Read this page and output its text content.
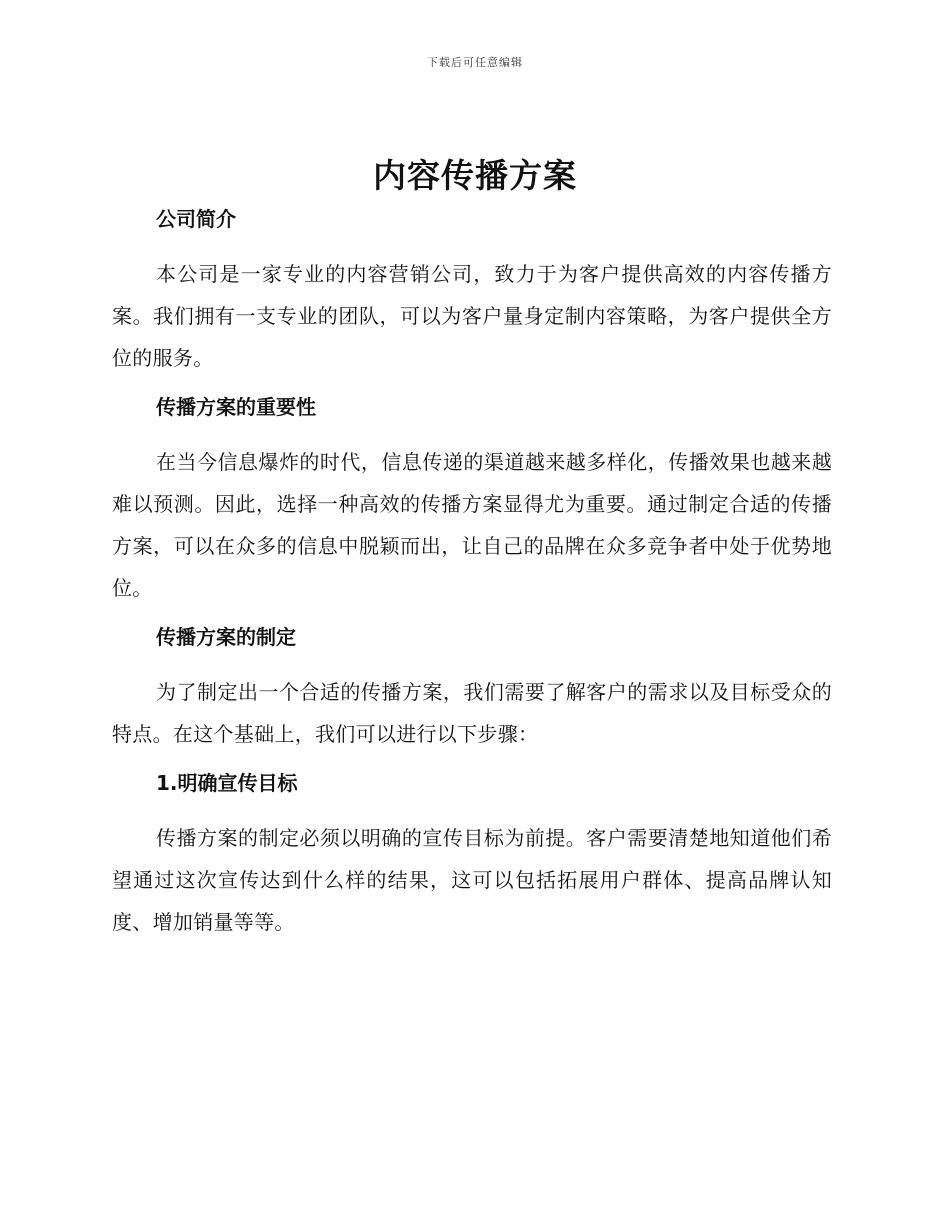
下载后可任意编辑
内容传播方案
公司简介

本公司是一家专业的内容营销公司，致力于为客户提供高效的内容传播方案。我们拥有一支专业的团队，可以为客户量身定制内容策略，为客户提供全方位的服务。

传播方案的重要性

在当今信息爆炸的时代，信息传递的渠道越来越多样化，传播效果也越来越难以预测。因此，选择一种高效的传播方案显得尤为重要。通过制定合适的传播方案，可以在众多的信息中脱颖而出，让自己的品牌在众多竞争者中处于优势地位。

传播方案的制定

为了制定出一个合适的传播方案，我们需要了解客户的需求以及目标受众的特点。在这个基础上，我们可以进行以下步骤：

1.明确宣传目标

传播方案的制定必须以明确的宣传目标为前提。客户需要清楚地知道他们希望通过这次宣传达到什么样的结果，这可以包括拓展用户群体、提高品牌认知度、增加销量等等。
